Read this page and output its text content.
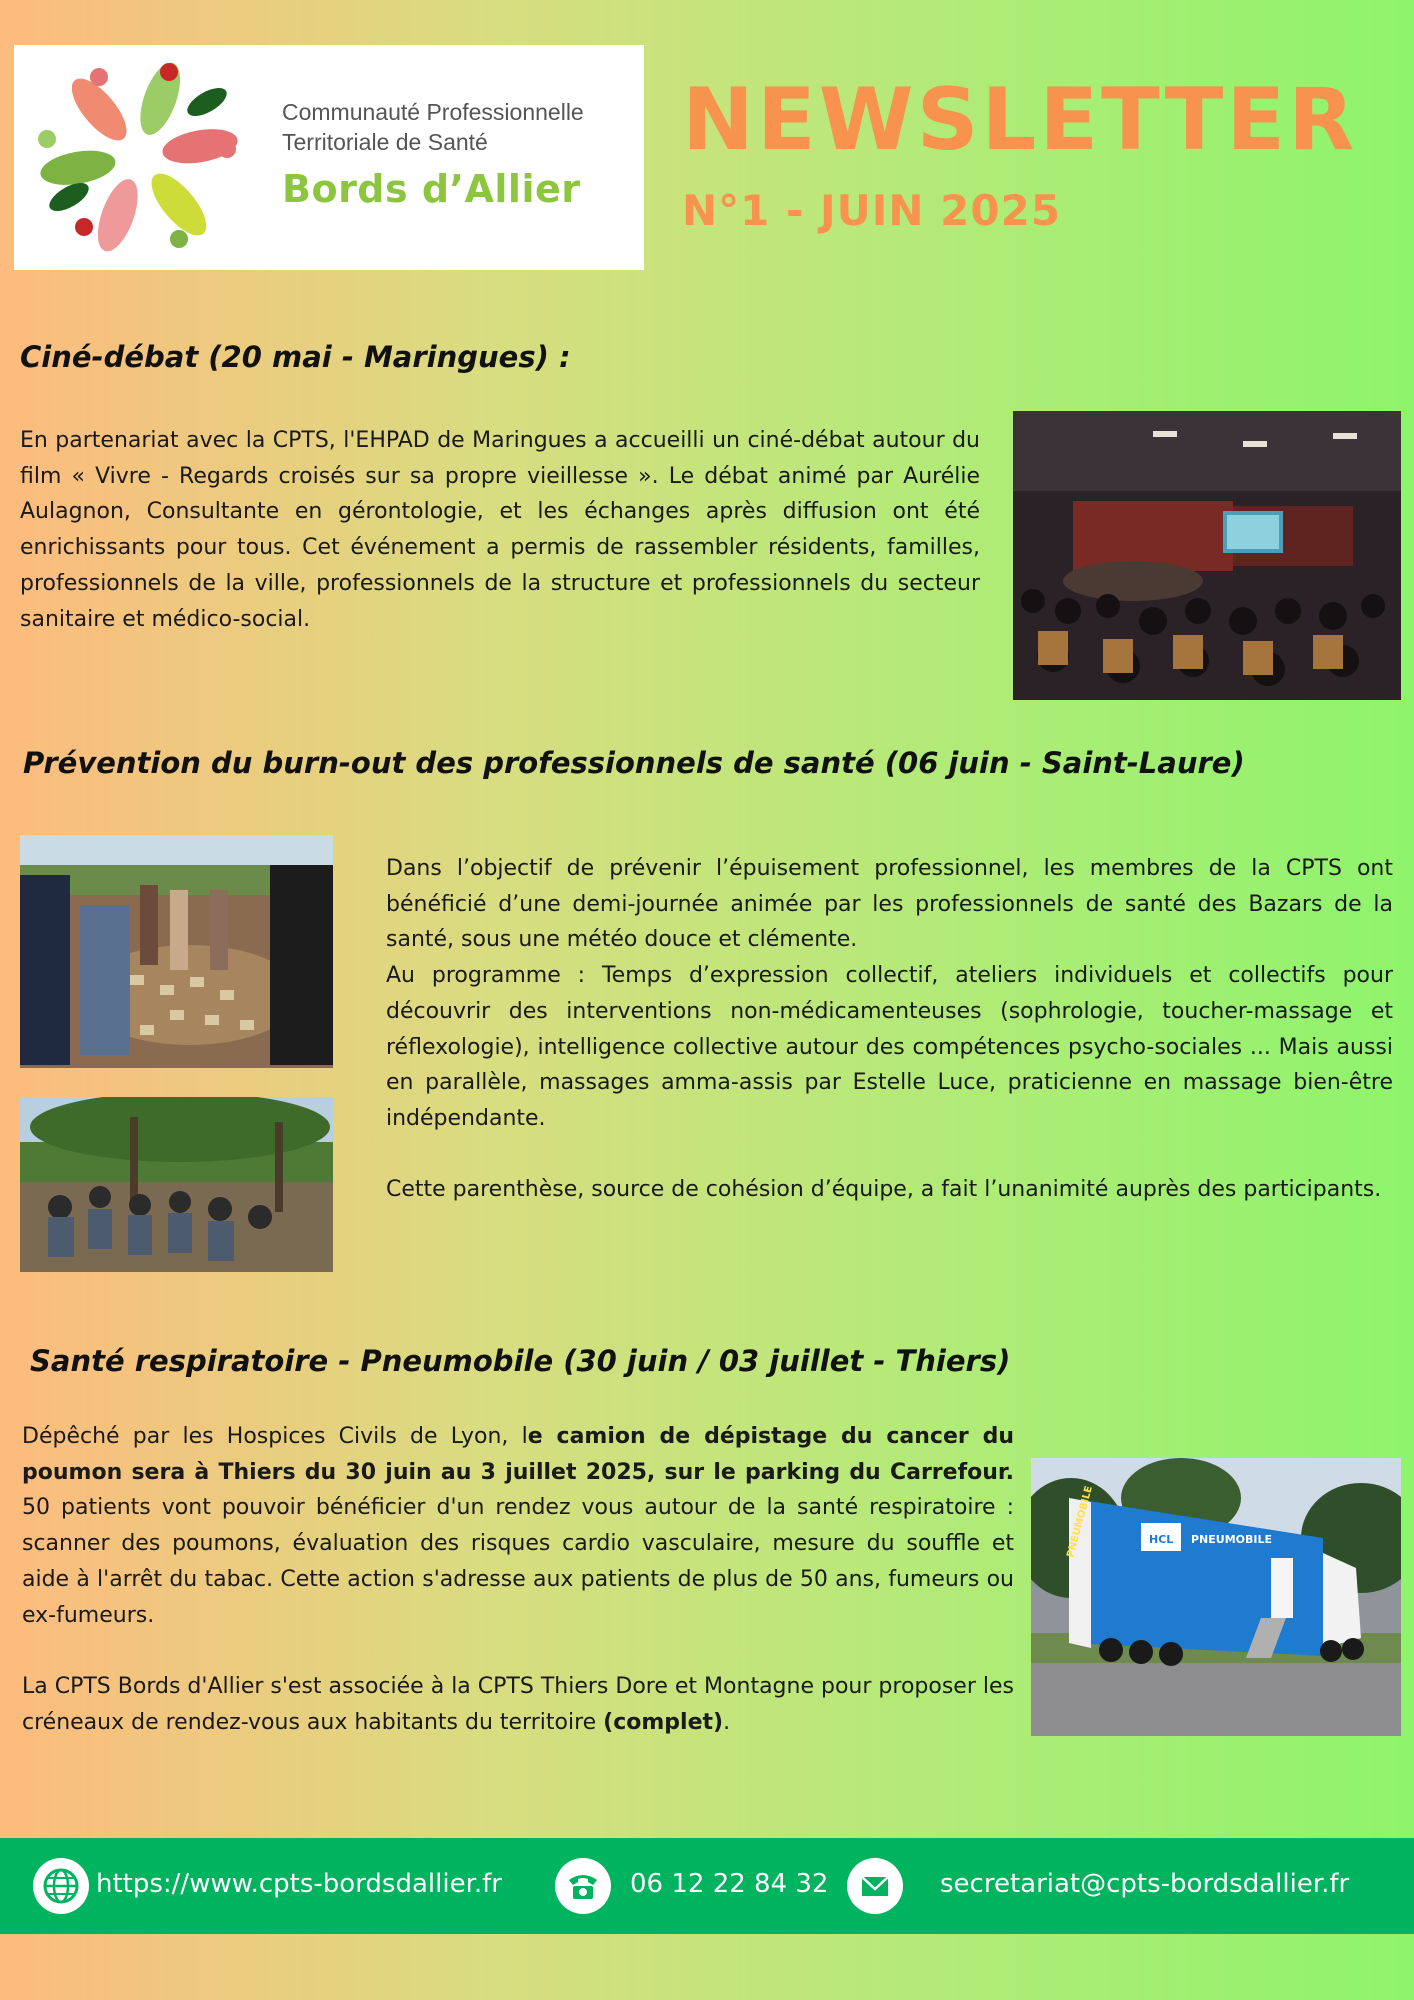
Communauté Professionnelle
Territoriale de Santé
Bords d’Allier
NEWSLETTER
N°1 - JUIN 2025
Ciné-débat (20 mai - Maringues) :

En partenariat avec la CPTS, l'EHPAD de Maringues a accueilli un ciné-débat autour du film « Vivre - Regards croisés sur sa propre vieillesse ». Le débat animé par Aurélie Aulagnon, Consultante en gérontologie, et les échanges après diffusion ont été enrichissants pour tous. Cet événement a permis de rassembler résidents, familles, professionnels de la ville, professionnels de la structure et professionnels du secteur sanitaire et médico-social.

Prévention du burn-out des professionnels de santé (06 juin - Saint-Laure)

Dans l’objectif de prévenir l’épuisement professionnel, les membres de la CPTS ont bénéficié d’une demi-journée animée par les professionnels de santé des Bazars de la santé, sous une météo douce et clémente.

Au programme : Temps d’expression collectif, ateliers individuels et collectifs pour découvrir des interventions non-médicamenteuses (sophrologie, toucher-massage et réflexologie), intelligence collective autour des compétences psycho-sociales ... Mais aussi en parallèle, massages amma-assis par Estelle Luce, praticienne en massage bien-être indépendante.

Cette parenthèse, source de cohésion d’équipe, a fait l’unanimité auprès des participants.

Santé respiratoire - Pneumobile (30 juin / 03 juillet - Thiers)

Dépêché par les Hospices Civils de Lyon, le camion de dépistage du cancer du poumon sera à Thiers du 30 juin au 3 juillet 2025, sur le parking du Carrefour. 50 patients vont pouvoir bénéficier d'un rendez vous autour de la santé respiratoire : scanner des poumons, évaluation des risques cardio vasculaire, mesure du souffle et aide à l'arrêt du tabac. Cette action s'adresse aux patients de plus de 50 ans, fumeurs ou ex-fumeurs.

La CPTS Bords d'Allier s'est associée à la CPTS Thiers Dore et Montagne pour proposer les créneaux de rendez-vous aux habitants du territoire (complet).

HCL PNEUMOBILE
PNEUMOBILE
https://www.cpts-bordsdallier.fr	06 12 22 84 32	secretariat@cpts-bordsdallier.fr
